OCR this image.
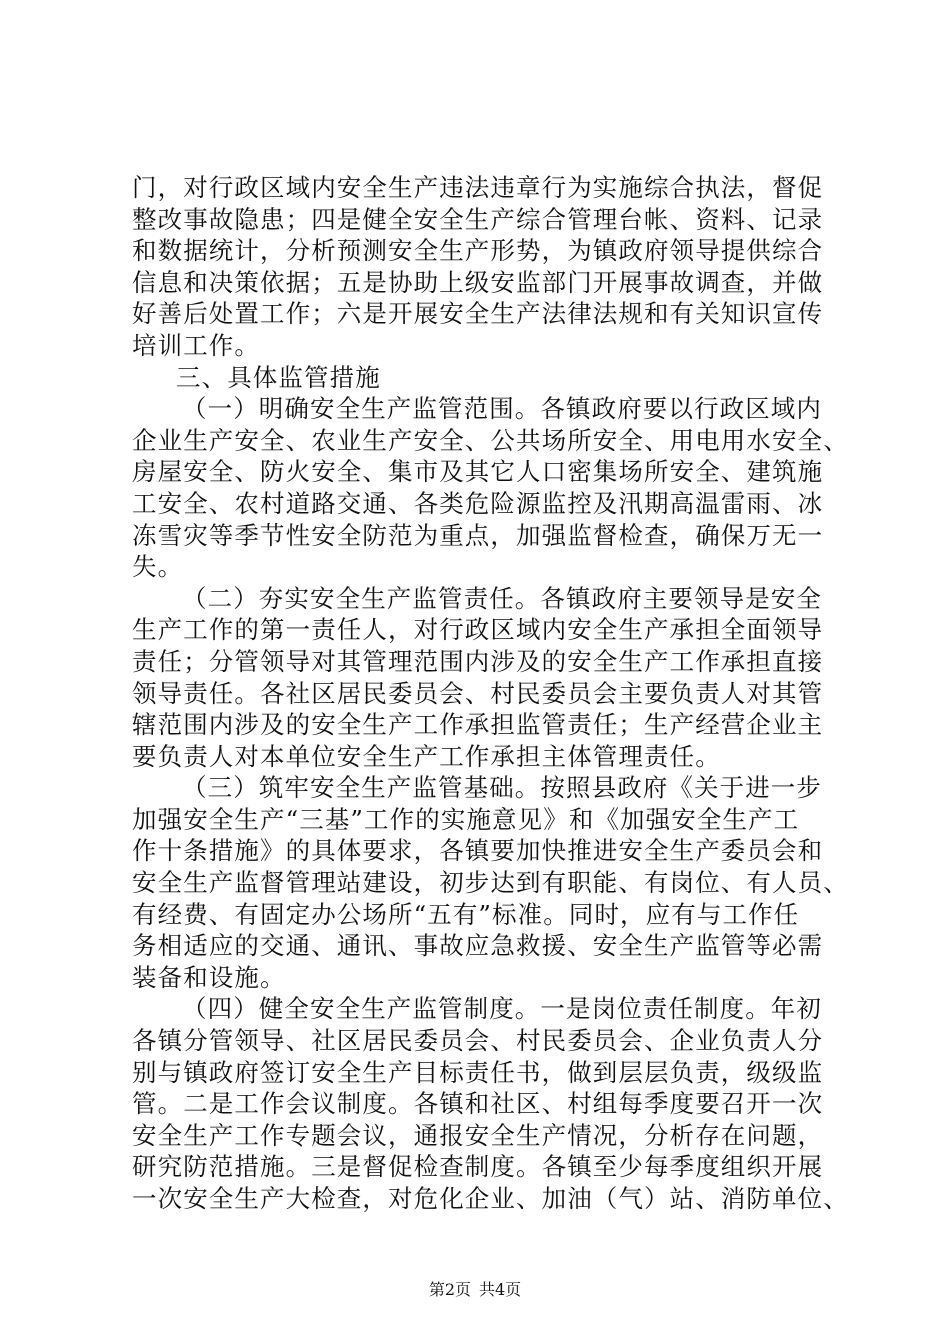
门，对行政区域内安全生产违法违章行为实施综合执法，督促
整改事故隐患；四是健全安全生产综合管理台帐、资料、记录
和数据统计，分析预测安全生产形势，为镇政府领导提供综合
信息和决策依据；五是协助上级安监部门开展事故调查，并做
好善后处置工作；六是开展安全生产法律法规和有关知识宣传
培训工作。
三、具体监管措施
（一）明确安全生产监管范围。各镇政府要以行政区域内
企业生产安全、农业生产安全、公共场所安全、用电用水安全、
房屋安全、防火安全、集市及其它人口密集场所安全、建筑施
工安全、农村道路交通、各类危险源监控及汛期高温雷雨、冰
冻雪灾等季节性安全防范为重点，加强监督检查，确保万无一
失。
（二）夯实安全生产监管责任。各镇政府主要领导是安全
生产工作的第一责任人，对行政区域内安全生产承担全面领导
责任；分管领导对其管理范围内涉及的安全生产工作承担直接
领导责任。各社区居民委员会、村民委员会主要负责人对其管
辖范围内涉及的安全生产工作承担监管责任；生产经营企业主
要负责人对本单位安全生产工作承担主体管理责任。
（三）筑牢安全生产监管基础。按照县政府《关于进一步
加强安全生产“三基”工作的实施意见》和《加强安全生产工
作十条措施》的具体要求，各镇要加快推进安全生产委员会和
安全生产监督管理站建设，初步达到有职能、有岗位、有人员、
有经费、有固定办公场所“五有”标准。同时，应有与工作任
务相适应的交通、通讯、事故应急救援、安全生产监管等必需
装备和设施。
（四）健全安全生产监管制度。一是岗位责任制度。年初
各镇分管领导、社区居民委员会、村民委员会、企业负责人分
别与镇政府签订安全生产目标责任书，做到层层负责，级级监
管。二是工作会议制度。各镇和社区、村组每季度要召开一次
安全生产工作专题会议，通报安全生产情况，分析存在问题，
研究防范措施。三是督促检查制度。各镇至少每季度组织开展
一次安全生产大检查，对危化企业、加油（气）站、消防单位、
第2页 共4页
